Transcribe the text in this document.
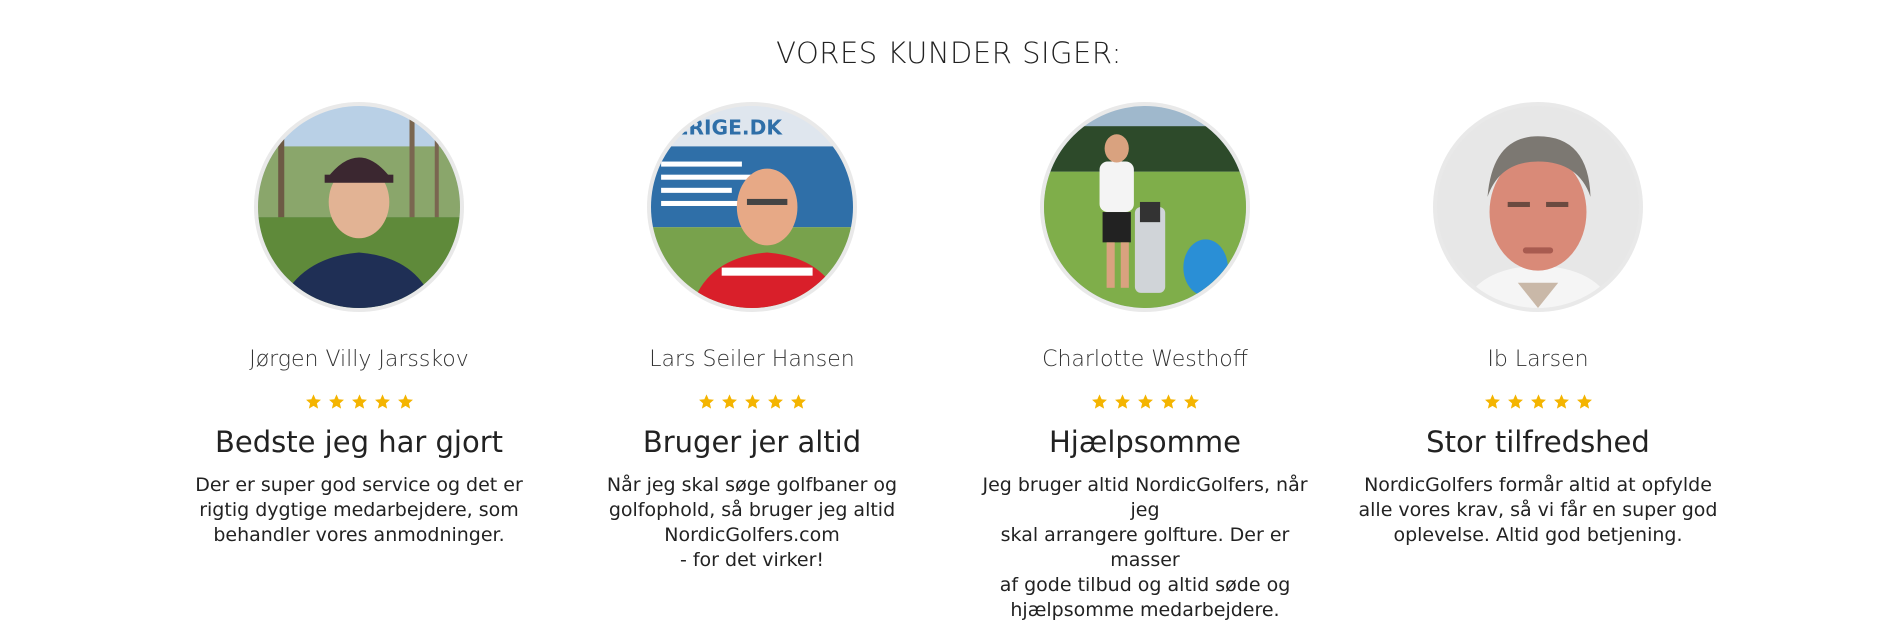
VORES KUNDER SIGER:
Jørgen Villy Jarsskov
Bedste jeg har gjort
Der er super god service og det er
rigtig dygtige medarbejdere, som
behandler vores anmodninger.
VERIGE.DK
Lars Seiler Hansen
Bruger jer altid
Når jeg skal søge golfbaner og
golfophold, så bruger jeg altid
NordicGolfers.com
- for det virker!
Charlotte Westhoff
Hjælpsomme
Jeg bruger altid NordicGolfers, når jeg
skal arrangere golfture. Der er masser
af gode tilbud og altid søde og
hjælpsomme medarbejdere.
Ib Larsen
Stor tilfredshed
NordicGolfers formår altid at opfylde
alle vores krav, så vi får en super god
oplevelse. Altid god betjening.
